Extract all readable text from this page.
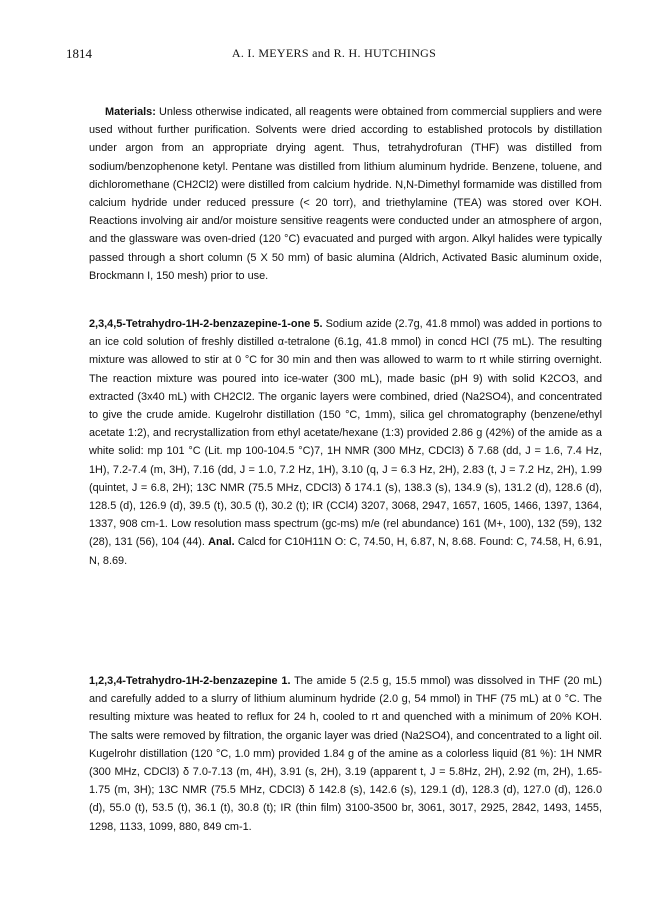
1814	A. I. MEYERS and R. H. HUTCHINGS

Materials: Unless otherwise indicated, all reagents were obtained from commercial suppliers and were used without further purification. Solvents were dried according to established protocols by distillation under argon from an appropriate drying agent. Thus, tetrahydrofuran (THF) was distilled from sodium/benzophenone ketyl. Pentane was distilled from lithium aluminum hydride. Benzene, toluene, and dichloromethane (CH2Cl2) were distilled from calcium hydride. N,N-Dimethyl formamide was distilled from calcium hydride under reduced pressure (< 20 torr), and triethylamine (TEA) was stored over KOH. Reactions involving air and/or moisture sensitive reagents were conducted under an atmosphere of argon, and the glassware was oven-dried (120 °C) evacuated and purged with argon. Alkyl halides were typically passed through a short column (5 X 50 mm) of basic alumina (Aldrich, Activated Basic aluminum oxide, Brockmann I, 150 mesh) prior to use.

2,3,4,5-Tetrahydro-1H-2-benzazepine-1-one 5. Sodium azide (2.7g, 41.8 mmol) was added in portions to an ice cold solution of freshly distilled α-tetralone (6.1g, 41.8 mmol) in concd HCl (75 mL). The resulting mixture was allowed to stir at 0 °C for 30 min and then was allowed to warm to rt while stirring overnight. The reaction mixture was poured into ice-water (300 mL), made basic (pH 9) with solid K2CO3, and extracted (3x40 mL) with CH2Cl2. The organic layers were combined, dried (Na2SO4), and concentrated to give the crude amide. Kugelrohr distillation (150 °C, 1mm), silica gel chromatography (benzene/ethyl acetate 1:2), and recrystallization from ethyl acetate/hexane (1:3) provided 2.86 g (42%) of the amide as a white solid: mp 101 °C (Lit. mp 100-104.5 °C)7, 1H NMR (300 MHz, CDCl3) δ 7.68 (dd, J = 1.6, 7.4 Hz, 1H), 7.2-7.4 (m, 3H), 7.16 (dd, J = 1.0, 7.2 Hz, 1H), 3.10 (q, J = 6.3 Hz, 2H), 2.83 (t, J = 7.2 Hz, 2H), 1.99 (quintet, J = 6.8, 2H); 13C NMR (75.5 MHz, CDCl3) δ 174.1 (s), 138.3 (s), 134.9 (s), 131.2 (d), 128.6 (d), 128.5 (d), 126.9 (d), 39.5 (t), 30.5 (t), 30.2 (t); IR (CCl4) 3207, 3068, 2947, 1657, 1605, 1466, 1397, 1364, 1337, 908 cm-1. Low resolution mass spectrum (gc-ms) m/e (rel abundance) 161 (M+, 100), 132 (59), 132 (28), 131 (56), 104 (44). Anal. Calcd for C10H11N O: C, 74.50, H, 6.87, N, 8.68. Found: C, 74.58, H, 6.91, N, 8.69.

1,2,3,4-Tetrahydro-1H-2-benzazepine 1. The amide 5 (2.5 g, 15.5 mmol) was dissolved in THF (20 mL) and carefully added to a slurry of lithium aluminum hydride (2.0 g, 54 mmol) in THF (75 mL) at 0 °C. The resulting mixture was heated to reflux for 24 h, cooled to rt and quenched with a minimum of 20% KOH. The salts were removed by filtration, the organic layer was dried (Na2SO4), and concentrated to a light oil. Kugelrohr distillation (120 °C, 1.0 mm) provided 1.84 g of the amine as a colorless liquid (81 %): 1H NMR (300 MHz, CDCl3) δ 7.0-7.13 (m, 4H), 3.91 (s, 2H), 3.19 (apparent t, J = 5.8Hz, 2H), 2.92 (m, 2H), 1.65-1.75 (m, 3H); 13C NMR (75.5 MHz, CDCl3) δ 142.8 (s), 142.6 (s), 129.1 (d), 128.3 (d), 127.0 (d), 126.0 (d), 55.0 (t), 53.5 (t), 36.1 (t), 30.8 (t); IR (thin film) 3100-3500 br, 3061, 3017, 2925, 2842, 1493, 1455, 1298, 1133, 1099, 880, 849 cm-1.
